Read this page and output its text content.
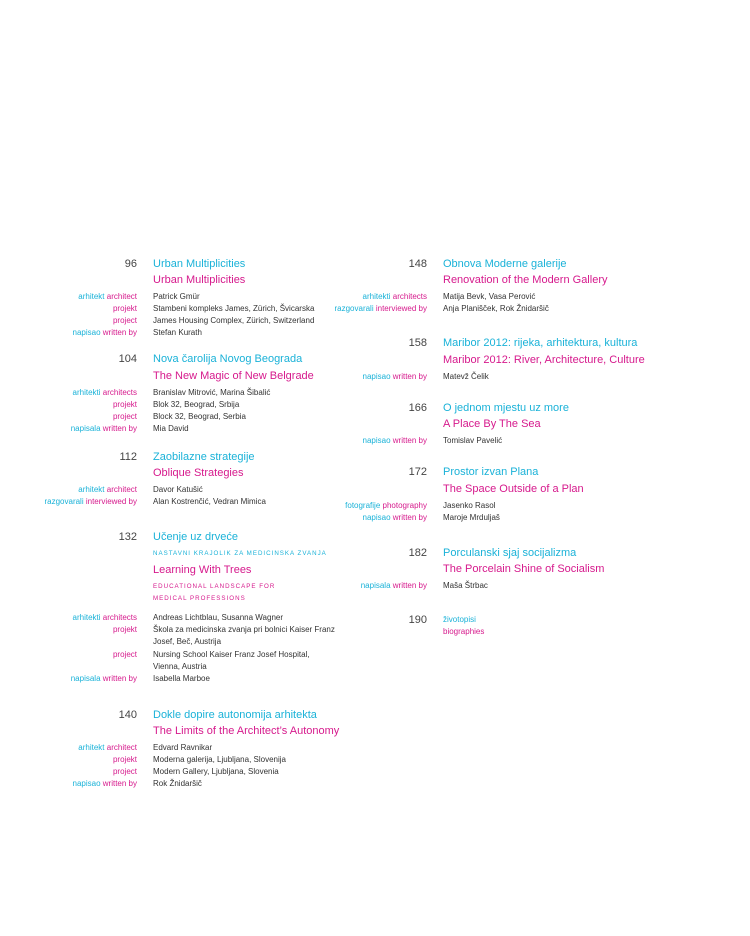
96 Urban Multiplicities
Urban Multiplicities
arhitekt architect Patrick Gmür
projekt Stambeni kompleks James, Zürich, Švicarska
project James Housing Complex, Zürich, Switzerland
napisao written by Stefan Kurath
104 Nova čarolija Novog Beograda
The New Magic of New Belgrade
arhitekti architects Branislav Mitrović, Marina Šibalić
projekt Blok 32, Beograd, Srbija
project Block 32, Beograd, Serbia
napisala written by Mia David
112 Zaobilazne strategije
Oblique Strategies
arhitekt architect Davor Katušić
razgovarali interviewed by Alan Kostrenčić, Vedran Mimica
132 Učenje uz drveće
NASTAVNI KRAJOLIK ZA MEDICINSKA ZVANJA
Learning With Trees
EDUCATIONAL LANDSCAPE FOR
MEDICAL PROFESSIONS
arhitekti architects Andreas Lichtblau, Susanna Wagner
projekt Škola za medicinska zvanja pri bolnici Kaiser Franz
Josef, Beč, Austrija
project Nursing School Kaiser Franz Josef Hospital,
Vienna, Austria
napisala written by Isabella Marboe
140 Dokle dopire autonomija arhitekta
The Limits of the Architect’s Autonomy
arhitekt architect Edvard Ravnikar
projekt Moderna galerija, Ljubljana, Slovenija
project Modern Gallery, Ljubljana, Slovenia
napisao written by Rok Žnidaršič
148 Obnova Moderne galerije
Renovation of the Modern Gallery
arhitekti architects Matija Bevk, Vasa Perović
razgovarali interviewed by Anja Planišček, Rok Žnidaršič
158 Maribor 2012: rijeka, arhitektura, kultura
Maribor 2012: River, Architecture, Culture
napisao written by Matevž Čelik
166 O jednom mjestu uz more
A Place By The Sea
napisao written by Tomislav Pavelić
172 Prostor izvan Plana
The Space Outside of a Plan
fotografije photography Jasenko Rasol
napisao written by Maroje Mrduljaš
182 Porculanski sjaj socijalizma
The Porcelain Shine of Socialism
napisala written by Maša Štrbac
190 životopisi
biographies
